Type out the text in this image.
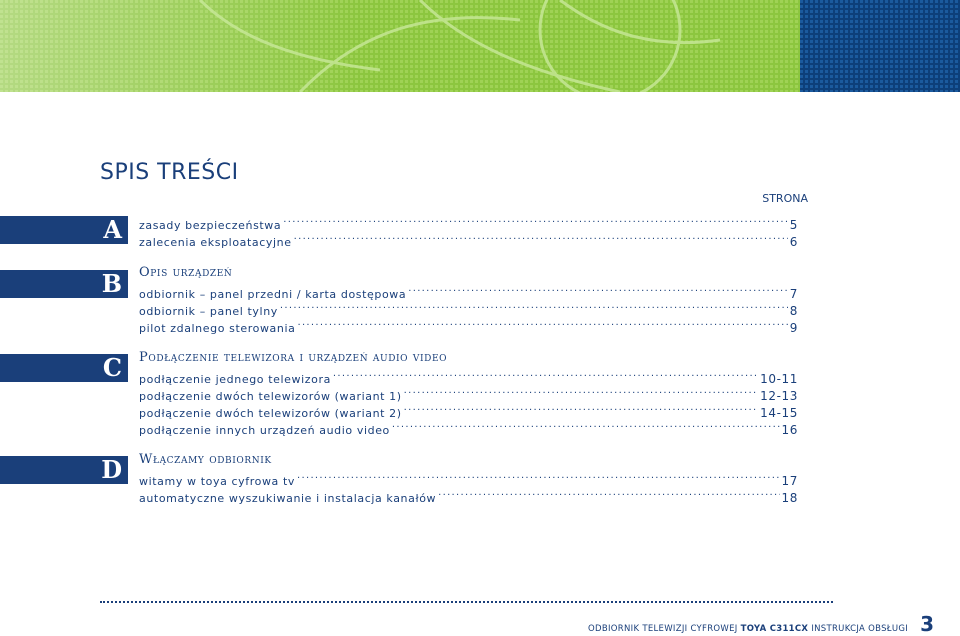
SPIS TREŚCI
STRONA
A zasady bezpieczeństwa .....	5
zalecenia eksploatacyjne .....	6
B Opis urządzeń
odbiornik – panel przedni / karta dostępowa .....	7
odbiornik – panel tylny .....	8
pilot zdalnego sterowania .....	9
C Podłączenie telewizora i urządzeń audio video
podłączenie jednego telewizora .....	10-11
podłączenie dwóch telewizorów (wariant 1) .....	12-13
podłączenie dwóch telewizorów (wariant 2) .....	14-15
podłączenie innych urządzeń audio video .....	16
D Włączamy odbiornik
witamy w toya cyfrowa tv .....	17
automatyczne wyszukiwanie i instalacja kanałów .....	18
ODBIORNIK TELEWIZJI CYFROWEJ
TOYA C311CX
INSTRUKCJA OBSŁUGI 3
